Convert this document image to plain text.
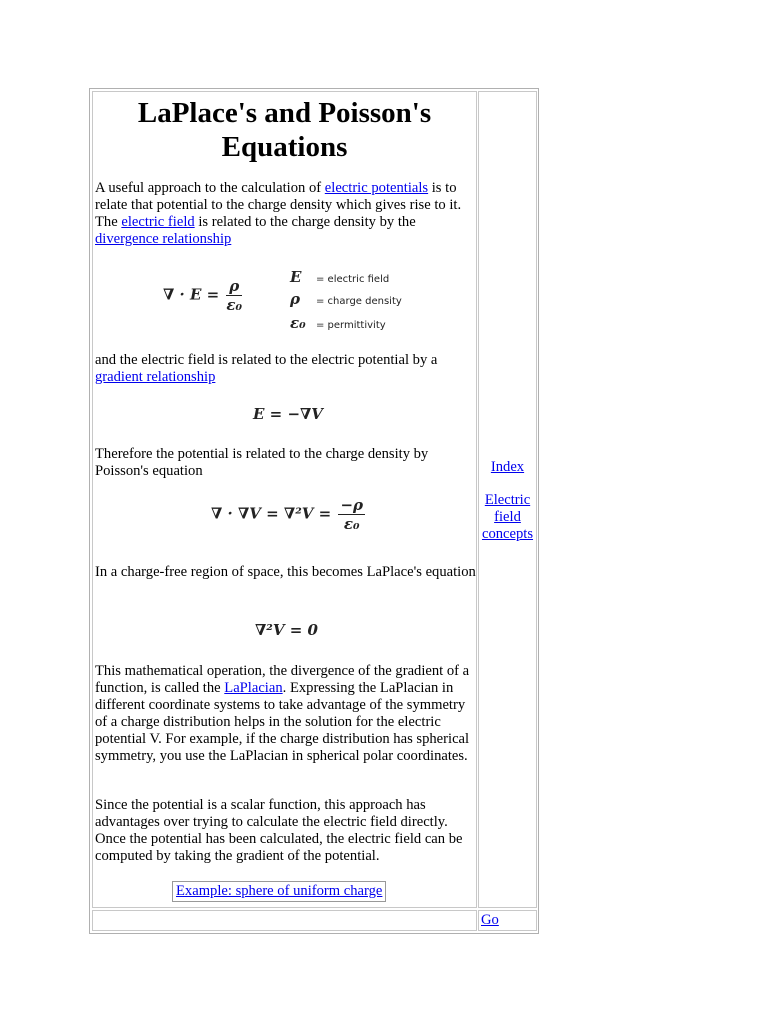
LaPlace's and Poisson's
Equations

A useful approach to the calculation of electric potentials is to relate that potential to the charge density which gives rise to it. The electric field is related to the charge density by the divergence relationship

∇ · $E = \frac{\rho}{\text{ε₀}}$	E = electric field
ρ = charge density
ε₀ = permittivity

and the electric field is related to the electric potential by a gradient relationship

E = −∇V

Therefore the potential is related to the charge density by Poisson's equation

∇ · $\nabla V = \nabla^2V = \frac{-\rho}{\text{ε₀}}$

In a charge-free region of space, this becomes LaPlace's equation

∇²V = 0

This mathematical operation, the divergence of the gradient of a function, is called the LaPlacian. Expressing the LaPlacian in different coordinate systems to take advantage of the symmetry of a charge distribution helps in the solution for the electric potential V. For example, if the charge distribution has spherical symmetry, you use the LaPlacian in spherical polar coordinates.

Since the potential is a scalar function, this approach has advantages over trying to calculate the electric field directly. Once the potential has been calculated, the electric field can be computed by taking the gradient of the potential.

Example: sphere of uniform charge
Index
Electric
field
concepts
Go
